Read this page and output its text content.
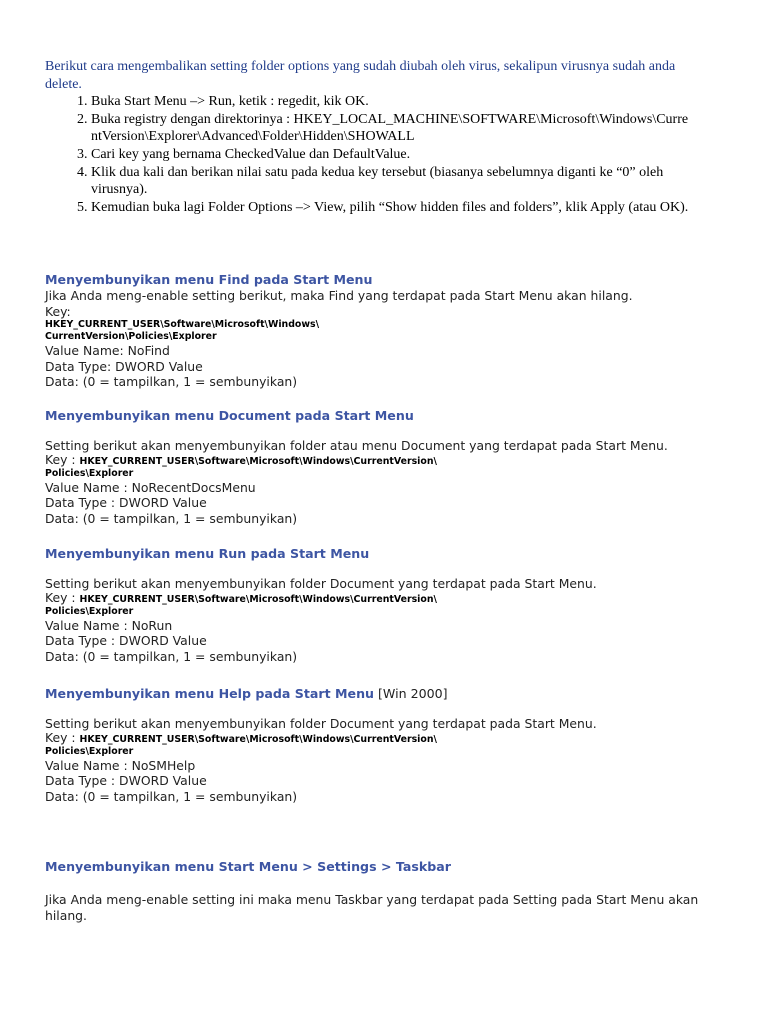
Berikut cara mengembalikan setting folder options yang sudah diubah oleh virus, sekalipun virusnya sudah anda delete.

1. Buka Start Menu –> Run, ketik : regedit, kik OK.
2. Buka registry dengan direktorinya : HKEY_LOCAL_MACHINE\SOFTWARE\Microsoft\Windows\CurrentVersion\Explorer\Advanced\Folder\Hidden\SHOWALL
3. Cari key yang bernama CheckedValue dan DefaultValue.
4. Klik dua kali dan berikan nilai satu pada kedua key tersebut (biasanya sebelumnya diganti ke “0” oleh virusnya).
5. Kemudian buka lagi Folder Options –> View, pilih “Show hidden files and folders”, klik Apply (atau OK).

Menyembunyikan menu Find pada Start Menu

Jika Anda meng-enable setting berikut, maka Find yang terdapat pada Start Menu akan hilang.

Key:

HKEY_CURRENT_USER\Software\Microsoft\Windows\

CurrentVersion\Policies\Explorer

Value Name: NoFind

Data Type: DWORD Value

Data: (0 = tampilkan, 1 = sembunyikan)

Menyembunyikan menu Document pada Start Menu

Setting berikut akan menyembunyikan folder atau menu Document yang terdapat pada Start Menu.

Key : HKEY_CURRENT_USER\Software\Microsoft\Windows\CurrentVersion\

Policies\Explorer

Value Name : NoRecentDocsMenu

Data Type : DWORD Value

Data: (0 = tampilkan, 1 = sembunyikan)

Menyembunyikan menu Run pada Start Menu

Setting berikut akan menyembunyikan folder Document yang terdapat pada Start Menu.

Key : HKEY_CURRENT_USER\Software\Microsoft\Windows\CurrentVersion\

Policies\Explorer

Value Name : NoRun

Data Type : DWORD Value

Data: (0 = tampilkan, 1 = sembunyikan)

Menyembunyikan menu Help pada Start Menu [Win 2000]

Setting berikut akan menyembunyikan folder Document yang terdapat pada Start Menu.

Key : HKEY_CURRENT_USER\Software\Microsoft\Windows\CurrentVersion\

Policies\Explorer

Value Name : NoSMHelp

Data Type : DWORD Value

Data: (0 = tampilkan, 1 = sembunyikan)

Menyembunyikan menu Start Menu > Settings > Taskbar

Jika Anda meng-enable setting ini maka menu Taskbar yang terdapat pada Setting pada Start Menu akan hilang.
